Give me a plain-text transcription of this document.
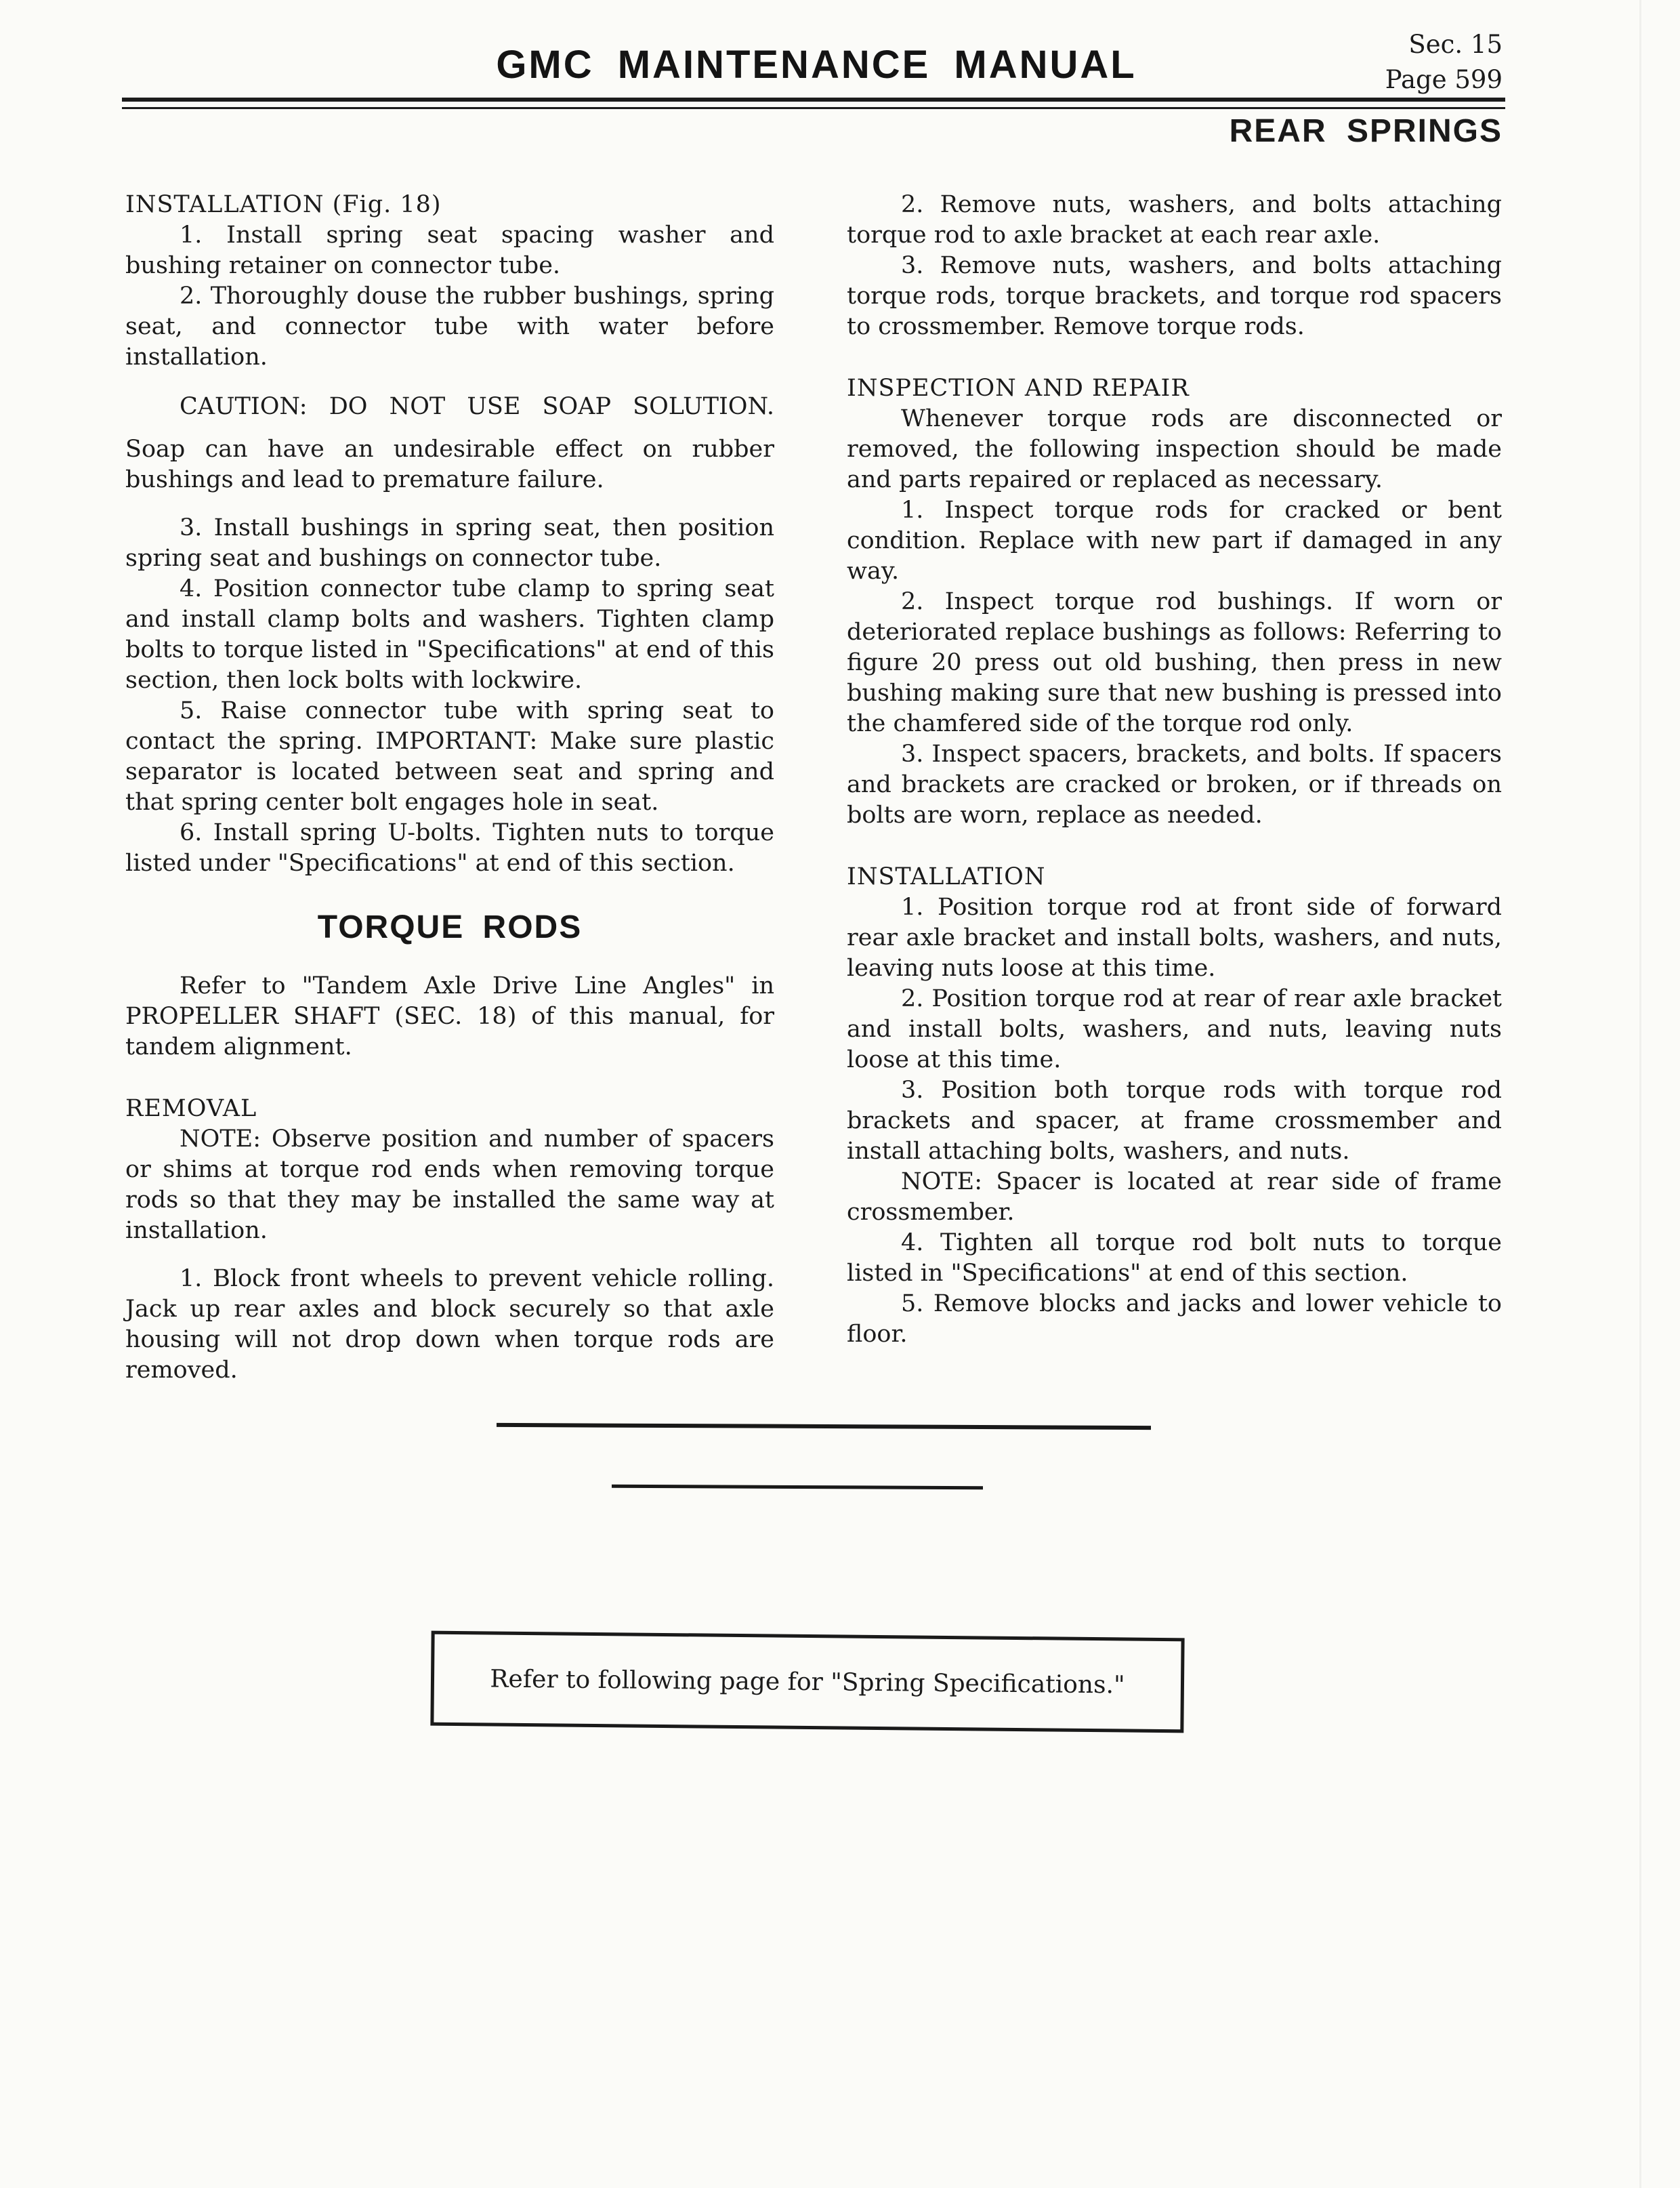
Sec. 15
Page 599
GMC MAINTENANCE MANUAL
REAR SPRINGS

INSTALLATION (Fig. 18)

1. Install spring seat spacing washer and bushing retainer on connector tube.

2. Thoroughly douse the rubber bushings, spring seat, and connector tube with water before installation.

CAUTION: DO NOT USE SOAP SOLUTION.

Soap can have an undesirable effect on rubber bushings and lead to premature failure.

3. Install bushings in spring seat, then position spring seat and bushings on connector tube.

4. Position connector tube clamp to spring seat and install clamp bolts and washers. Tighten clamp bolts to torque listed in "Specifications" at end of this section, then lock bolts with lockwire.

5. Raise connector tube with spring seat to contact the spring. IMPORTANT: Make sure plastic separator is located between seat and spring and that spring center bolt engages hole in seat.

6. Install spring U-bolts. Tighten nuts to torque listed under "Specifications" at end of this section.

TORQUE RODS

Refer to "Tandem Axle Drive Line Angles" in PROPELLER SHAFT (SEC. 18) of this manual, for tandem alignment.

REMOVAL

NOTE: Observe position and number of spacers or shims at torque rod ends when removing torque rods so that they may be installed the same way at installation.

1. Block front wheels to prevent vehicle rolling. Jack up rear axles and block securely so that axle housing will not drop down when torque rods are removed.

2. Remove nuts, washers, and bolts attaching torque rod to axle bracket at each rear axle.

3. Remove nuts, washers, and bolts attaching torque rods, torque brackets, and torque rod spacers to crossmember. Remove torque rods.

INSPECTION AND REPAIR

Whenever torque rods are disconnected or removed, the following inspection should be made and parts repaired or replaced as necessary.

1. Inspect torque rods for cracked or bent condition. Replace with new part if damaged in any way.

2. Inspect torque rod bushings. If worn or deteriorated replace bushings as follows: Referring to figure 20 press out old bushing, then press in new bushing making sure that new bushing is pressed into the chamfered side of the torque rod only.

3. Inspect spacers, brackets, and bolts. If spacers and brackets are cracked or broken, or if threads on bolts are worn, replace as needed.

INSTALLATION

1. Position torque rod at front side of forward rear axle bracket and install bolts, washers, and nuts, leaving nuts loose at this time.

2. Position torque rod at rear of rear axle bracket and install bolts, washers, and nuts, leaving nuts loose at this time.

3. Position both torque rods with torque rod brackets and spacer, at frame crossmember and install attaching bolts, washers, and nuts.

NOTE: Spacer is located at rear side of frame crossmember.

4. Tighten all torque rod bolt nuts to torque listed in "Specifications" at end of this section.

5. Remove blocks and jacks and lower vehicle to floor.

Refer to following page for "Spring Specifications."
